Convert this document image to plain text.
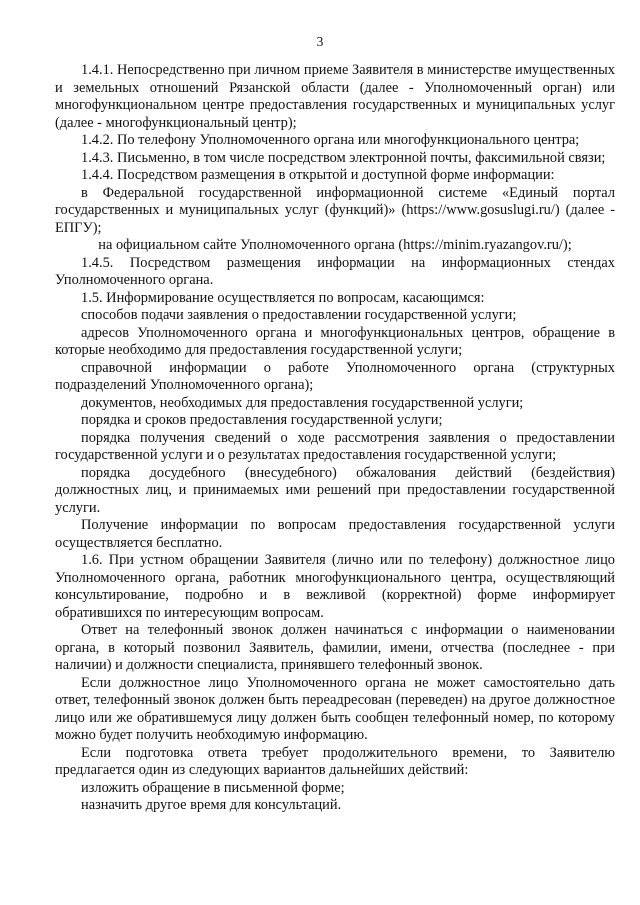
3

1.4.1. Непосредственно при личном приеме Заявителя в министерстве имущественных и земельных отношений Рязанской области (далее - Уполномоченный орган) или многофункциональном центре предоставления государственных и муниципальных услуг (далее - многофункциональный центр);

1.4.2. По телефону Уполномоченного органа или многофункционального центра;

1.4.3. Письменно, в том числе посредством электронной почты, факсимильной связи;

1.4.4. Посредством размещения в открытой и доступной форме информации:

в Федеральной государственной информационной системе «Единый портал государственных и муниципальных услуг (функций)» (https://www.gosuslugi.ru/) (далее - ЕПГУ);

на официальном сайте Уполномоченного органа (https://minim.ryazangov.ru/);

1.4.5. Посредством размещения информации на информационных стендах Уполномоченного органа.

1.5. Информирование осуществляется по вопросам, касающимся:

способов подачи заявления о предоставлении государственной услуги;

адресов Уполномоченного органа и многофункциональных центров, обращение в которые необходимо для предоставления государственной услуги;

справочной информации о работе Уполномоченного органа (структурных подразделений Уполномоченного органа);

документов, необходимых для предоставления государственной услуги;

порядка и сроков предоставления государственной услуги;

порядка получения сведений о ходе рассмотрения заявления о предоставлении государственной услуги и о результатах предоставления государственной услуги;

порядка досудебного (внесудебного) обжалования действий (бездействия) должностных лиц, и принимаемых ими решений при предоставлении государственной услуги.

Получение информации по вопросам предоставления государственной услуги осуществляется бесплатно.

1.6. При устном обращении Заявителя (лично или по телефону) должностное лицо Уполномоченного органа, работник многофункционального центра, осуществляющий консультирование, подробно и в вежливой (корректной) форме информирует обратившихся по интересующим вопросам.

Ответ на телефонный звонок должен начинаться с информации о наименовании органа, в который позвонил Заявитель, фамилии, имени, отчества (последнее - при наличии) и должности специалиста, принявшего телефонный звонок.

Если должностное лицо Уполномоченного органа не может самостоятельно дать ответ, телефонный звонок должен быть переадресован (переведен) на другое должностное лицо или же обратившемуся лицу должен быть сообщен телефонный номер, по которому можно будет получить необходимую информацию.

Если подготовка ответа требует продолжительного времени, то Заявителю предлагается один из следующих вариантов дальнейших действий:

изложить обращение в письменной форме;

назначить другое время для консультаций.
